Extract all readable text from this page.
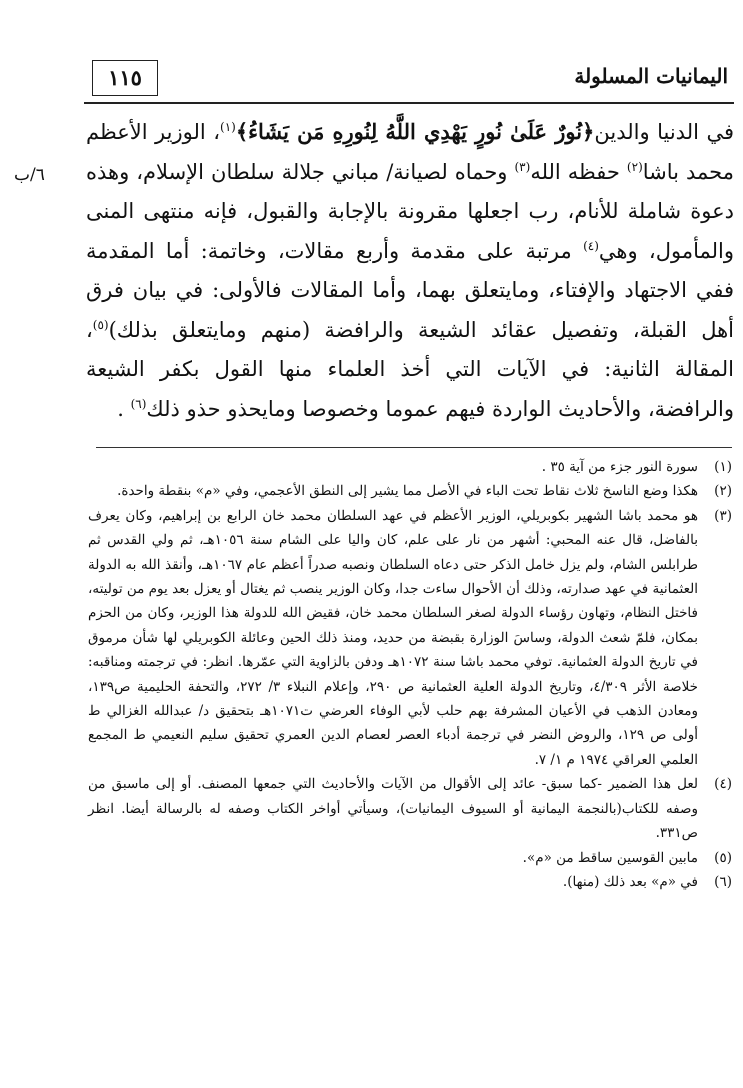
١١٥	اليمانيات المسلولة
٦/ب

في الدنيا والدين﴿نُورٌ عَلَىٰ نُورٍ يَهْدِي اللَّهُ لِنُورِهِ مَن يَشَاءُ﴾$^{(١)}$، الوزير الأعظم محمد باشا$^{(٢)}$ حفظه الله$^{(٣)}$ وحماه لصيانة/ مباني جلالة سلطان الإسلام، وهذه دعوة شاملة للأنام، رب اجعلها مقرونة بالإجابة والقبول، فإنه منتهى المنى والمأمول، وهي$^{(٤)}$ مرتبة على مقدمة وأربع مقالات، وخاتمة: أما المقدمة ففي الاجتهاد والإفتاء، ومايتعلق بهما، وأما المقالات فالأولى: في بيان فرق أهل القبلة، وتفصيل عقائد الشيعة والرافضة (منهم ومايتعلق بذلك)$^{(٥)}$، المقالة الثانية: في الآيات التي أخذ العلماء منها القول بكفر الشيعة والرافضة، والأحاديث الواردة فيهم عموما وخصوصا ومايحذو حذو ذلك$^{(٦)}$ .

(١)
سورة النور جزء من آية ٣٥ .

(٢)
هكذا وضع الناسخ ثلاث نقاط تحت الباء في الأصل مما يشير إلى النطق الأعجمي، وفي «م» بنقطة واحدة.

(٣)
هو محمد باشا الشهير بكوبريلي، الوزير الأعظم في عهد السلطان محمد خان الرابع بن إبراهيم، وكان يعرف بالفاضل، قال عنه المحبي: أشهر من نار على علم، كان واليا على الشام سنة ١٠٥٦هـ، ثم ولي القدس ثم طرابلس الشام، ولم يزل خامل الذكر حتى دعاه السلطان ونصبه صدراً أعظم عام ١٠٦٧هـ، وأنقذ الله به الدولة العثمانية في عهد صدارته، وذلك أن الأحوال ساءت جدا، وكان الوزير ينصب ثم يغتال أو يعزل بعد يوم من توليته، فاختل النظام، وتهاون رؤساء الدولة لصغر السلطان محمد خان، فقيض الله للدولة هذا الوزير، وكان من الحزم بمكان، فلمّ شعث الدولة، وساسَ الوزارة بقبضة من حديد، ومنذ ذلك الحين وعائلة الكوبريلي لها شأن مرموق في تاريخ الدولة العثمانية. توفي محمد باشا سنة ١٠٧٢هـ ودفن بالزاوية التي عمّرها. انظر: في ترجمته ومناقبه: خلاصة الأثر ٤/٣٠٩، وتاريخ الدولة العلية العثمانية ص ٢٩٠، وإعلام النبلاء ٣/ ٢٧٢، والتحفة الحليمية ص١٣٩، ومعادن الذهب في الأعيان المشرفة بهم حلب لأبي الوفاء العرضي ت١٠٧١هـ بتحقيق د/ عبدالله الغزالي ط أولى ص ١٢٩، والروض النضر في ترجمة أدباء العصر لعصام الدين العمري تحقيق سليم النعيمي ط المجمع العلمي العراقي ١٩٧٤ م ١/ ٧.

(٤)
لعل هذا الضمير -كما سبق- عائد إلى الأقوال من الآيات والأحاديث التي جمعها المصنف. أو إلى ماسبق من وصفه للكتاب(بالنجمة اليمانية أو السيوف اليمانيات)، وسيأتي أواخر الكتاب وصفه له بالرسالة أيضا. انظر ص٣٣١.

(٥)
مابين القوسين ساقط من «م».

(٦)
في «م» بعد ذلك (منها).
